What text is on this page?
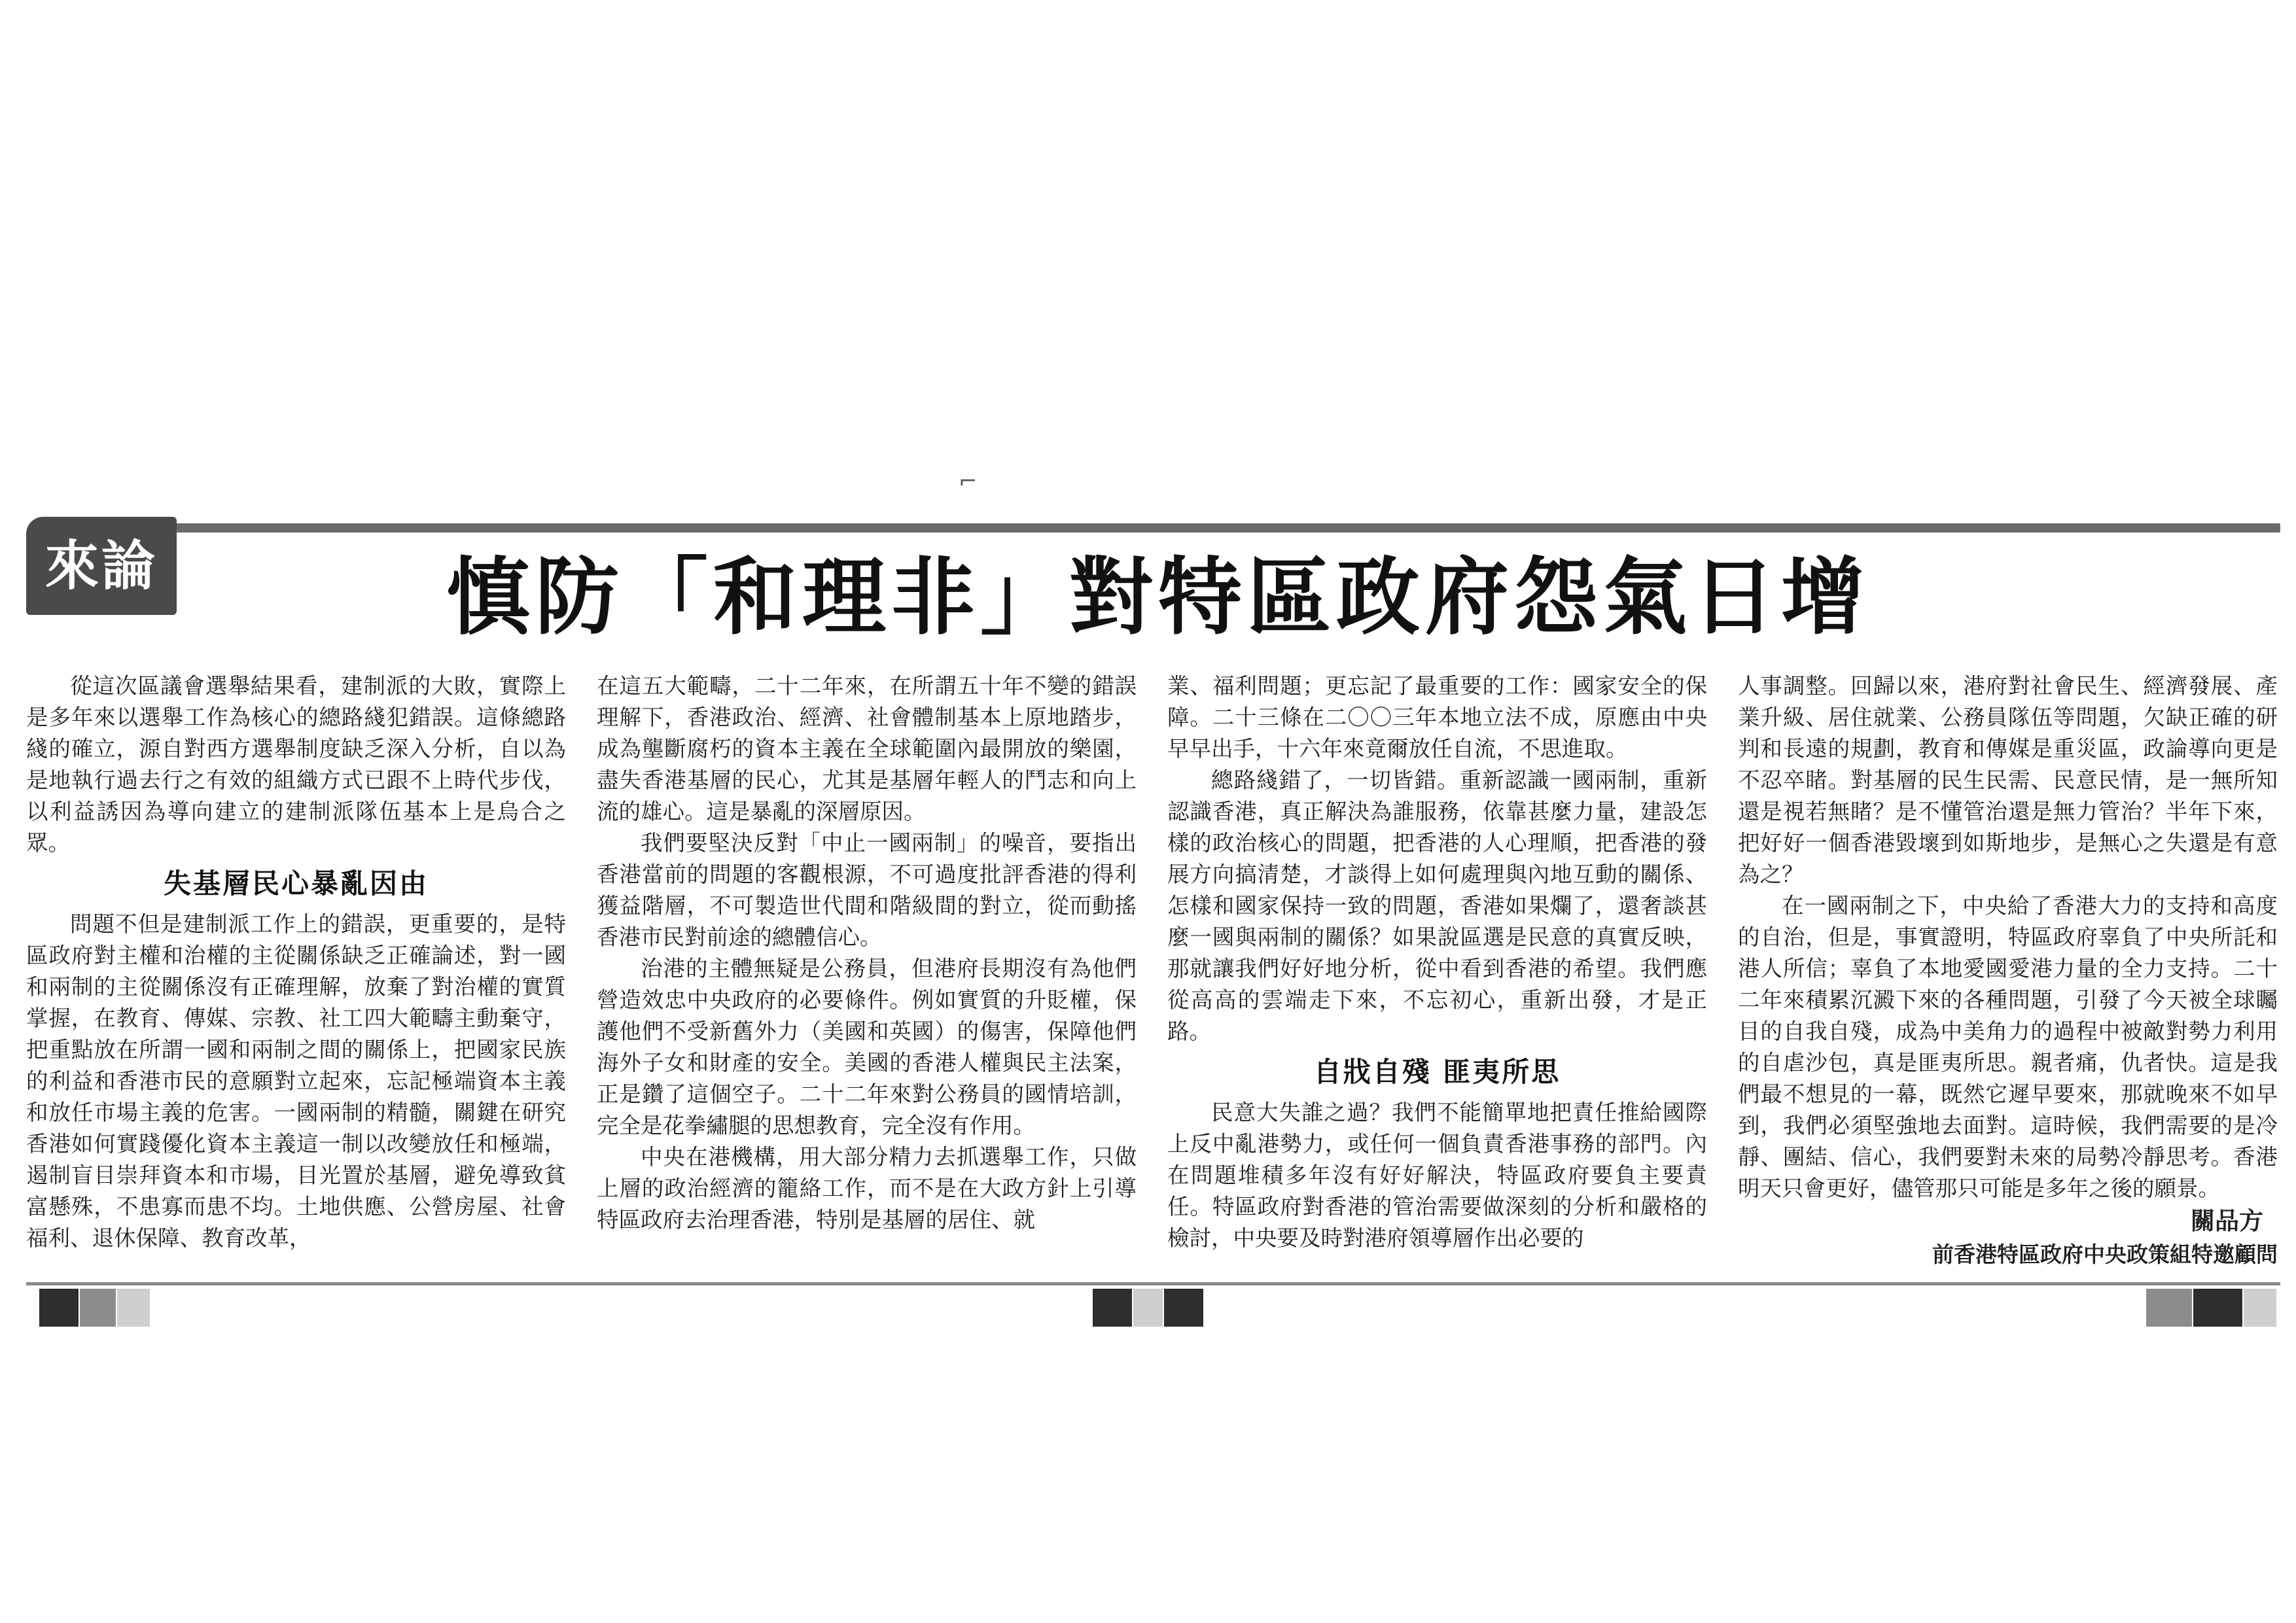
⌐
來論	慎防「和理非」對特區政府怨氣日增

從這次區議會選舉結果看，建制派的大敗，實際上是多年來以選舉工作為核心的總路綫犯錯誤。這條總路綫的確立，源自對西方選舉制度缺乏深入分析，自以為是地執行過去行之有效的組織方式已跟不上時代步伐，以利益誘因為導向建立的建制派隊伍基本上是烏合之眾。

失基層民心暴亂因由

問題不但是建制派工作上的錯誤，更重要的，是特區政府對主權和治權的主從關係缺乏正確論述，對一國和兩制的主從關係沒有正確理解，放棄了對治權的實質掌握，在教育、傳媒、宗教、社工四大範疇主動棄守，把重點放在所謂一國和兩制之間的關係上，把國家民族的利益和香港市民的意願對立起來，忘記極端資本主義和放任市場主義的危害。一國兩制的精髓，關鍵在研究香港如何實踐優化資本主義這一制以改變放任和極端，遏制盲目崇拜資本和市場，目光置於基層，避免導致貧富懸殊，不患寡而患不均。土地供應、公營房屋、社會福利、退休保障、教育改革，

在這五大範疇，二十二年來，在所謂五十年不變的錯誤理解下，香港政治、經濟、社會體制基本上原地踏步，成為壟斷腐朽的資本主義在全球範圍內最開放的樂園，盡失香港基層的民心，尤其是基層年輕人的鬥志和向上流的雄心。這是暴亂的深層原因。

我們要堅決反對「中止一國兩制」的噪音，要指出香港當前的問題的客觀根源，不可過度批評香港的得利獲益階層，不可製造世代間和階級間的對立，從而動搖香港市民對前途的總體信心。

治港的主體無疑是公務員，但港府長期沒有為他們營造效忠中央政府的必要條件。例如實質的升貶權，保護他們不受新舊外力（美國和英國）的傷害，保障他們海外子女和財產的安全。美國的香港人權與民主法案，正是鑽了這個空子。二十二年來對公務員的國情培訓，完全是花拳繡腿的思想教育，完全沒有作用。

中央在港機構，用大部分精力去抓選舉工作，只做上層的政治經濟的籠絡工作，而不是在大政方針上引導特區政府去治理香港，特別是基層的居住、就

業、福利問題；更忘記了最重要的工作：國家安全的保障。二十三條在二〇〇三年本地立法不成，原應由中央早早出手，十六年來竟爾放任自流，不思進取。

總路綫錯了，一切皆錯。重新認識一國兩制，重新認識香港，真正解決為誰服務，依靠甚麼力量，建設怎樣的政治核心的問題，把香港的人心理順，把香港的發展方向搞清楚，才談得上如何處理與內地互動的關係、怎樣和國家保持一致的問題，香港如果爛了，還奢談甚麼一國與兩制的關係？如果說區選是民意的真實反映，那就讓我們好好地分析，從中看到香港的希望。我們應從高高的雲端走下來，不忘初心，重新出發，才是正路。

自戕自殘 匪夷所思

民意大失誰之過？我們不能簡單地把責任推給國際上反中亂港勢力，或任何一個負責香港事務的部門。內在問題堆積多年沒有好好解決，特區政府要負主要責任。特區政府對香港的管治需要做深刻的分析和嚴格的檢討，中央要及時對港府領導層作出必要的

人事調整。回歸以來，港府對社會民生、經濟發展、產業升級、居住就業、公務員隊伍等問題，欠缺正確的研判和長遠的規劃，教育和傳媒是重災區，政論導向更是不忍卒睹。對基層的民生民需、民意民情，是一無所知還是視若無睹？是不懂管治還是無力管治？半年下來，把好好一個香港毀壞到如斯地步，是無心之失還是有意為之？

在一國兩制之下，中央給了香港大力的支持和高度的自治，但是，事實證明，特區政府辜負了中央所託和港人所信；辜負了本地愛國愛港力量的全力支持。二十二年來積累沉澱下來的各種問題，引發了今天被全球矚目的自我自殘，成為中美角力的過程中被敵對勢力利用的自虐沙包，真是匪夷所思。親者痛，仇者快。這是我們最不想見的一幕，既然它遲早要來，那就晚來不如早到，我們必須堅強地去面對。這時候，我們需要的是冷靜、團結、信心，我們要對未來的局勢冷靜思考。香港明天只會更好，儘管那只可能是多年之後的願景。

關品方
前香港特區政府中央政策組特邀顧問
